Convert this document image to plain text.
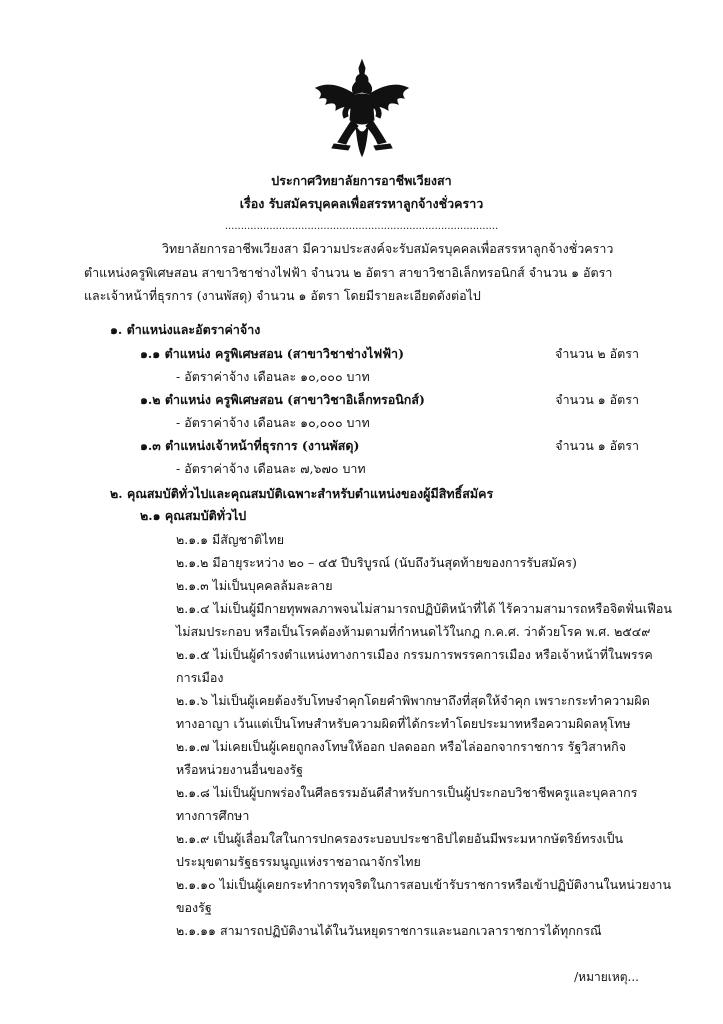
ประกาศวิทยาลัยการอาชีพเวียงสา
เรื่อง รับสมัครบุคคลเพื่อสรรหาลูกจ้างชั่วคราว
......................................................................................
วิทยาลัยการอาชีพเวียงสา มีความประสงค์จะรับสมัครบุคคลเพื่อสรรหาลูกจ้างชั่วคราว
ตำแหน่งครูพิเศษสอน สาขาวิชาช่างไฟฟ้า จำนวน ๒ อัตรา สาขาวิชาอิเล็กทรอนิกส์ จำนวน ๑ อัตรา
และเจ้าหน้าที่ธุรการ (งานพัสดุ) จำนวน ๑ อัตรา โดยมีรายละเอียดดังต่อไป
๑. ตำแหน่งและอัตราค่าจ้าง
๑.๑ ตำแหน่ง ครูพิเศษสอน (สาขาวิชาช่างไฟฟ้า)	จำนวน ๒ อัตรา
- อัตราค่าจ้าง เดือนละ ๑๐,๐๐๐ บาท
๑.๒ ตำแหน่ง ครูพิเศษสอน (สาขาวิชาอิเล็กทรอนิกส์)	จำนวน ๑ อัตรา
- อัตราค่าจ้าง เดือนละ ๑๐,๐๐๐ บาท
๑.๓ ตำแหน่งเจ้าหน้าที่ธุรการ (งานพัสดุ)	จำนวน ๑ อัตรา
- อัตราค่าจ้าง เดือนละ ๗,๖๗๐ บาท
๒. คุณสมบัติทั่วไปและคุณสมบัติเฉพาะสำหรับตำแหน่งของผู้มีสิทธิ์สมัคร
๒.๑ คุณสมบัติทั่วไป
๒.๑.๑ มีสัญชาติไทย
๒.๑.๒ มีอายุระหว่าง ๒๐ – ๔๕ ปีบริบูรณ์ (นับถึงวันสุดท้ายของการรับสมัคร)
๒.๑.๓ ไม่เป็นบุคคลล้มละลาย
๒.๑.๔ ไม่เป็นผู้มีกายทุพพลภาพจนไม่สามารถปฏิบัติหน้าที่ได้ ไร้ความสามารถหรือจิตฟั่นเฟือน
ไม่สมประกอบ หรือเป็นโรคต้องห้ามตามที่กำหนดไว้ในกฎ ก.ค.ศ. ว่าด้วยโรค พ.ศ. ๒๕๔๙
๒.๑.๕ ไม่เป็นผู้ดำรงตำแหน่งทางการเมือง กรรมการพรรคการเมือง หรือเจ้าหน้าที่ในพรรค
การเมือง
๒.๑.๖ ไม่เป็นผู้เคยต้องรับโทษจำคุกโดยคำพิพากษาถึงที่สุดให้จำคุก เพราะกระทำความผิด
ทางอาญา เว้นแต่เป็นโทษสำหรับความผิดที่ได้กระทำโดยประมาทหรือความผิดลหุโทษ
๒.๑.๗ ไม่เคยเป็นผู้เคยถูกลงโทษให้ออก ปลดออก หรือไล่ออกจากราชการ รัฐวิสาหกิจ
หรือหน่วยงานอื่นของรัฐ
๒.๑.๘ ไม่เป็นผู้บกพร่องในศีลธรรมอันดีสำหรับการเป็นผู้ประกอบวิชาชีพครูและบุคลากร
ทางการศึกษา
๒.๑.๙ เป็นผู้เลื่อมใสในการปกครองระบอบประชาธิปไตยอันมีพระมหากษัตริย์ทรงเป็น
ประมุขตามรัฐธรรมนูญแห่งราชอาณาจักรไทย
๒.๑.๑๐ ไม่เป็นผู้เคยกระทำการทุจริตในการสอบเข้ารับราชการหรือเข้าปฏิบัติงานในหน่วยงาน
ของรัฐ
๒.๑.๑๑ สามารถปฏิบัติงานได้ในวันหยุดราชการและนอกเวลาราชการได้ทุกกรณี
/หมายเหตุ...
